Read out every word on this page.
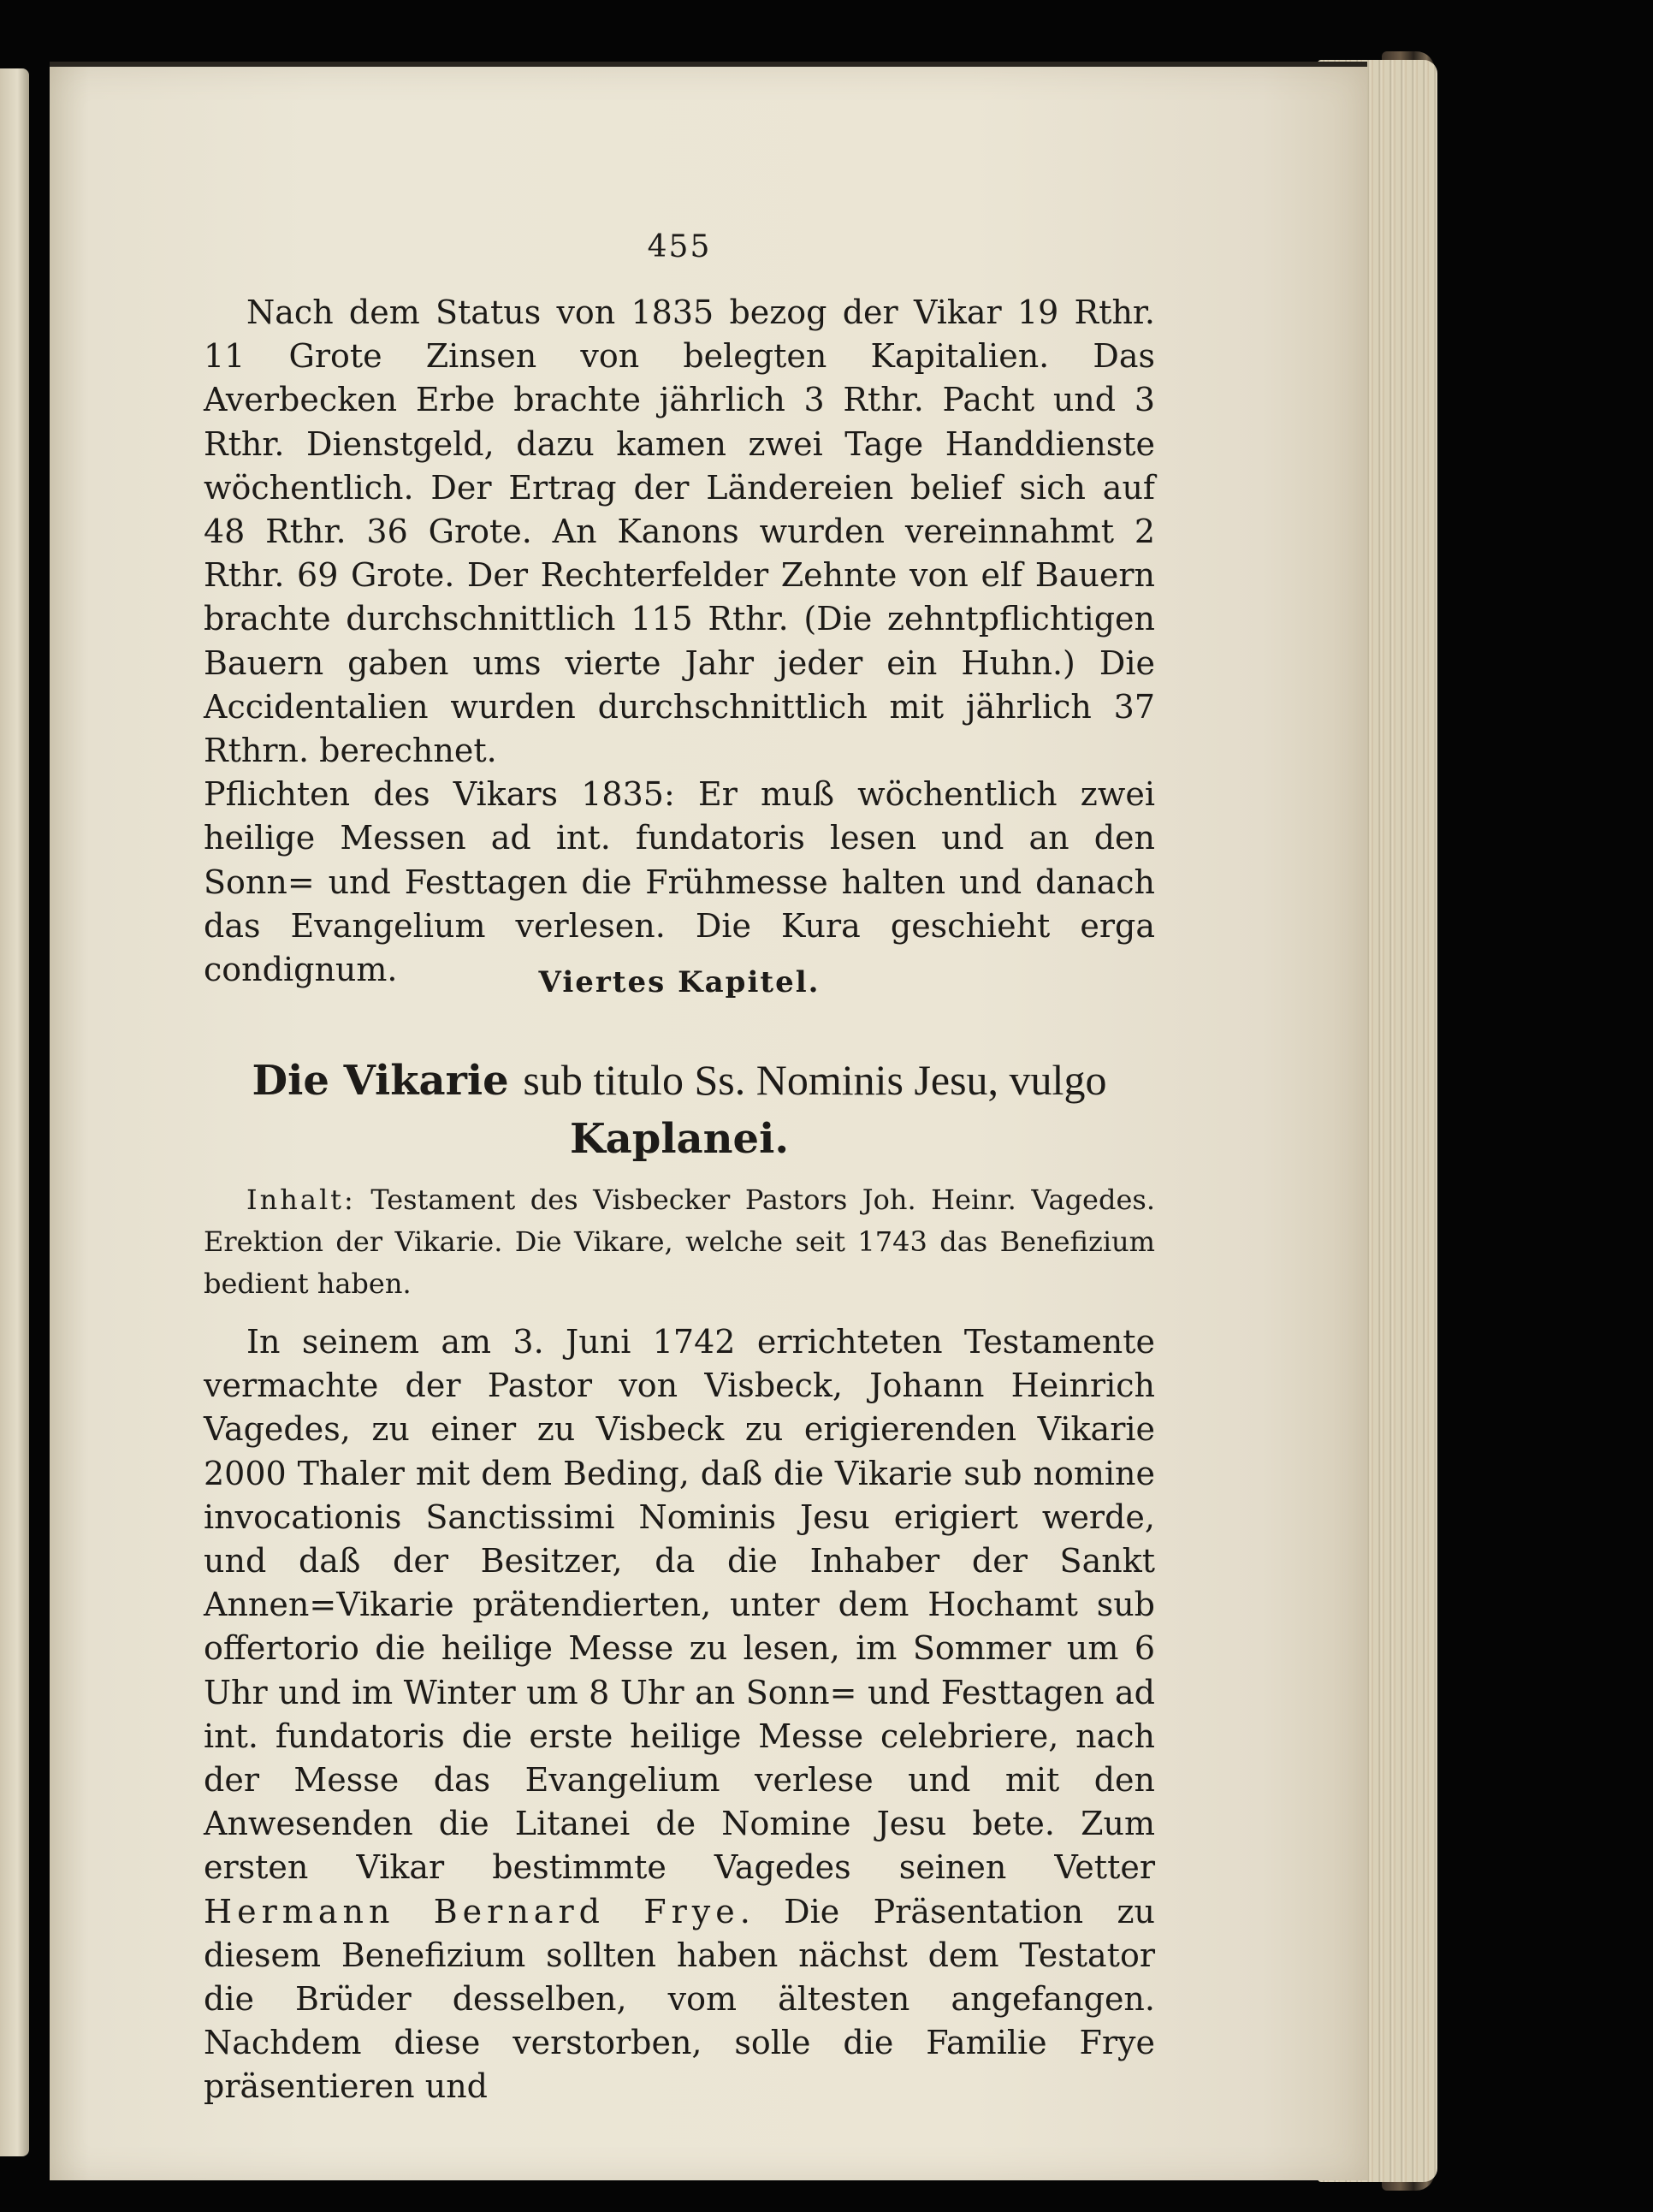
455

Nach dem Status von 1835 bezog der Vikar 19 Rthr. 11 Grote Zinsen von belegten Kapitalien. Das Averbecken Erbe brachte jährlich 3 Rthr. Pacht und 3 Rthr. Dienstgeld, dazu kamen zwei Tage Handdienste wöchentlich. Der Ertrag der Ländereien belief sich auf 48 Rthr. 36 Grote. An Kanons wurden vereinnahmt 2 Rthr. 69 Grote. Der Rechterfelder Zehnte von elf Bauern brachte durchschnittlich 115 Rthr. (Die zehntpflichtigen Bauern gaben ums vierte Jahr jeder ein Huhn.) Die Accidentalien wurden durchschnittlich mit jährlich 37 Rthrn. berechnet.
Pflichten des Vikars 1835: Er muß wöchentlich zwei heilige Messen ad int. fundatoris lesen und an den Sonn= und Festtagen die Frühmesse halten und danach das Evangelium verlesen. Die Kura geschieht erga condignum.	Viertes Kapitel.
Die Vikarie sub titulo Ss. Nominis Jesu, vulgo
Kaplanei.

Inhalt: Testament des Visbecker Pastors Joh. Heinr. Vagedes. Erektion der Vikarie. Die Vikare, welche seit 1743 das Benefizium bedient haben.

In seinem am 3. Juni 1742 errichteten Testamente vermachte der Pastor von Visbeck, Johann Heinrich Vagedes, zu einer zu Visbeck zu erigierenden Vikarie 2000 Thaler mit dem Beding, daß die Vikarie sub nomine invocationis Sanctissimi Nominis Jesu erigiert werde, und daß der Besitzer, da die Inhaber der Sankt Annen=Vikarie prätendierten, unter dem Hochamt sub offertorio die heilige Messe zu lesen, im Sommer um 6 Uhr und im Winter um 8 Uhr an Sonn= und Festtagen ad int. fundatoris die erste heilige Messe celebriere, nach der Messe das Evangelium verlese und mit den Anwesenden die Litanei de Nomine Jesu bete. Zum ersten Vikar bestimmte Vagedes seinen Vetter Hermann Bernard Frye. Die Präsentation zu diesem Benefizium sollten haben nächst dem Testator die Brüder desselben, vom ältesten angefangen. Nachdem diese verstorben, solle die Familie Frye präsentieren und
